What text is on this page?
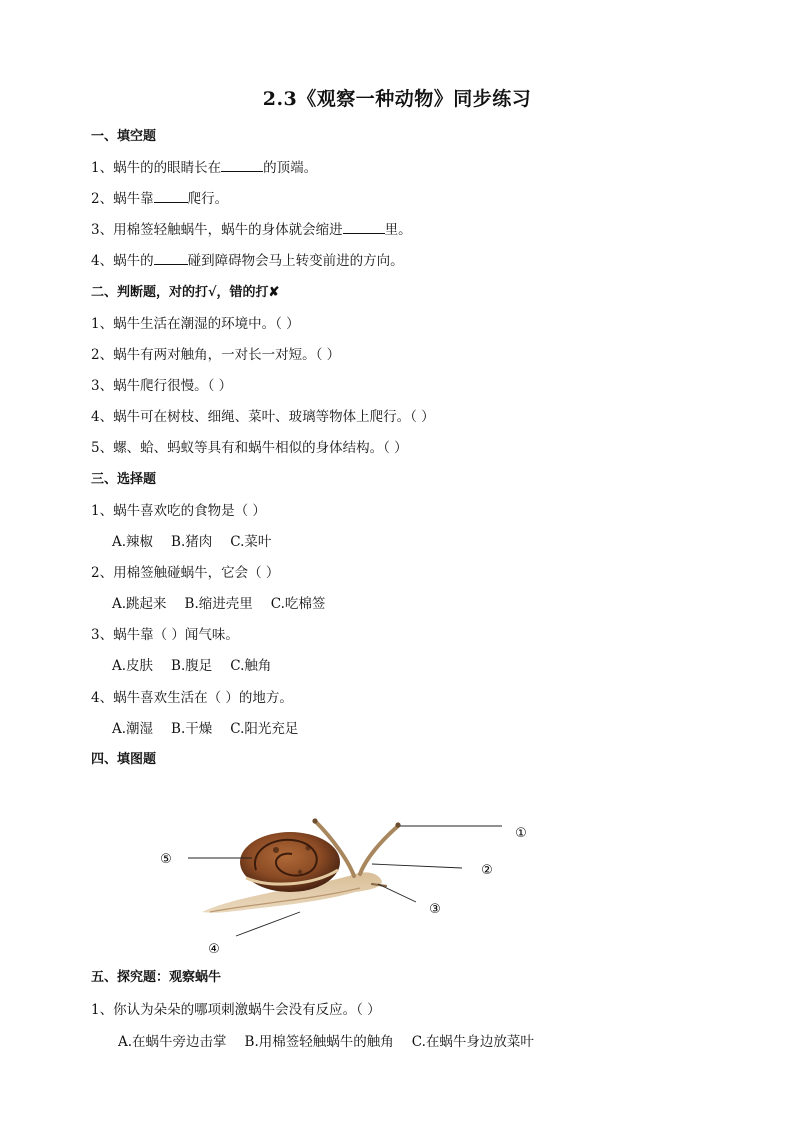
2.3《观察一种动物》同步练习
一、填空题
1、蜗牛的的眼睛长在	的顶端。
2、蜗牛靠	爬行。
3、用棉签轻触蜗牛，蜗牛的身体就会缩进	里。
4、蜗牛的	碰到障碍物会马上转变前进的方向。
二、判断题，对的打√，错的打✘
1、蜗牛生活在潮湿的环境中。（ ）
2、蜗牛有两对触角，一对长一对短。（ ）
3、蜗牛爬行很慢。（ ）
4、蜗牛可在树枝、细绳、菜叶、玻璃等物体上爬行。（ ）
5、螺、蛤、蚂蚁等具有和蜗牛相似的身体结构。（ ）
三、选择题
1、蜗牛喜欢吃的食物是（ ）
A.辣椒 B.猪肉 C.菜叶
2、用棉签触碰蜗牛，它会（ ）
A.跳起来 B.缩进壳里 C.吃棉签
3、蜗牛靠（ ）闻气味。
A.皮肤 B.腹足 C.触角
4、蜗牛喜欢生活在（ ）的地方。
A.潮湿 B.干燥 C.阳光充足
四、填图题
①
②
③
④
⑤
五、探究题：观察蜗牛
1、你认为朵朵的哪项刺激蜗牛会没有反应。（ ）
A.在蜗牛旁边击掌 B.用棉签轻触蜗牛的触角 C.在蜗牛身边放菜叶
